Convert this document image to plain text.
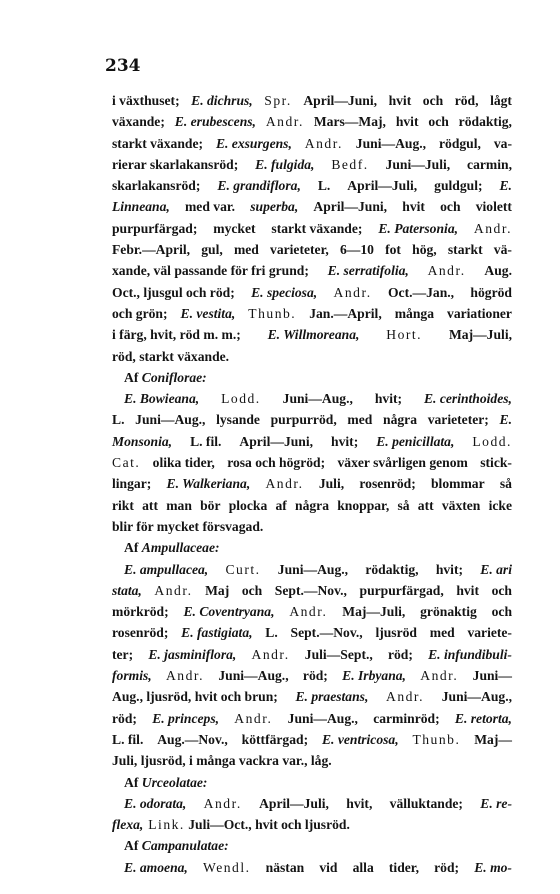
234
i växthuset; E. dichrus, Spr. April—Juni, hvit och röd, lågt
växande; E. erubescens, Andr. Mars—Maj, hvit och rödaktig,
starkt växande; E. exsurgens, Andr. Juni—Aug., rödgul, va-
rierar skarlakansröd; E. fulgida, Bedf. Juni—Juli, carmin,
skarlakansröd; E. grandiflora, L. April—Juli, guldgul; E.
Linneana, med var. superba, April—Juni, hvit och violett
purpurfärgad; mycket starkt växande; E. Patersonia, Andr.
Febr.—April, gul, med varieteter, 6—10 fot hög, starkt vä-
xande, väl passande för fri grund; E. serratifolia, Andr. Aug.
Oct., ljusgul och röd; E. speciosa, Andr. Oct.—Jan., högröd
och grön; E. vestita, Thunb. Jan.—April, många variationer
i färg, hvit, röd m. m.; E. Willmoreana, Hort. Maj—Juli,
röd, starkt växande.
Af Coniflorae:
E. Bowieana, Lodd. Juni—Aug., hvit; E. cerinthoides,
L. Juni—Aug., lysande purpurröd, med några varieteter; E.
Monsonia, L. fil. April—Juni, hvit; E. penicillata, Lodd.
Cat. olika tider, rosa och högröd; växer svårligen genom stick-
lingar; E. Walkeriana, Andr. Juli, rosenröd; blommar så
rikt att man bör plocka af några knoppar, så att växten icke
blir för mycket försvagad.
Af Ampullaceae:
E. ampullacea, Curt. Juni—Aug., rödaktig, hvit; E. ari
stata, Andr. Maj och Sept.—Nov., purpurfärgad, hvit och
mörkröd; E. Coventryana, Andr. Maj—Juli, grönaktig och
rosenröd; E. fastigiata, L. Sept.—Nov., ljusröd med variete-
ter; E. jasminiflora, Andr. Juli—Sept., röd; E. infundibuli-
formis, Andr. Juni—Aug., röd; E. Irbyana, Andr. Juni—
Aug., ljusröd, hvit och brun; E. praestans, Andr. Juni—Aug.,
röd; E. princeps, Andr. Juni—Aug., carminröd; E. retorta,
L. fil. Aug.—Nov., köttfärgad; E. ventricosa, Thunb. Maj—
Juli, ljusröd, i många vackra var., låg.
Af Urceolatae:
E. odorata, Andr. April—Juli, hvit, välluktande; E. re-
flexa, Link. Juli—Oct., hvit och ljusröd.
Af Campanulatae:
E. amoena, Wendl. nästan vid alla tider, röd; E. mo-
